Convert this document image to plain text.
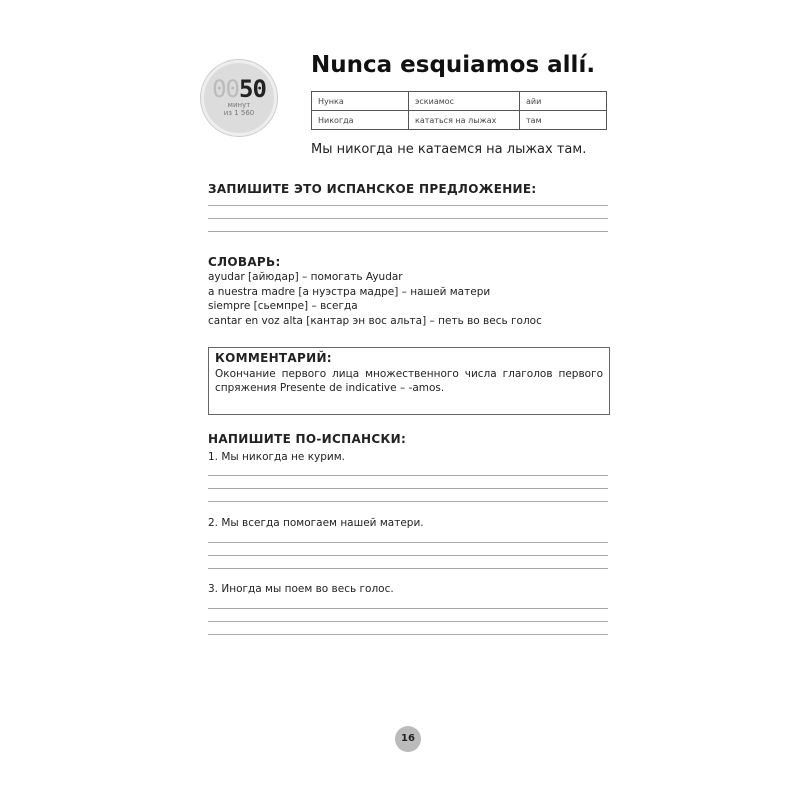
0050
минут
из 1 560
Nunca esquiamos allí.
Нунка	эскиамос	айи
Никогда	кататься на лыжах	там
Мы никогда не катаемся на лыжах там.
ЗАПИШИТЕ ЭТО ИСПАНСКОЕ ПРЕДЛОЖЕНИЕ:
СЛОВАРЬ:
ayudar [айюдар] – помогать Ayudar
a nuestra madre [а нуэстра мадре] – нашей матери
siempre [сьемпре] – всегда
cantar en voz alta [кантар эн вос альта] – петь во весь голос
КОММЕНТАРИЙ:
Окончание первого лица множественного числа глаголов первого спряжения Presente de indicative – -amos.
НАПИШИТЕ ПО-ИСПАНСКИ:
1. Мы никогда не курим.
2. Мы всегда помогаем нашей матери.
3. Иногда мы поем во весь голос.
16
